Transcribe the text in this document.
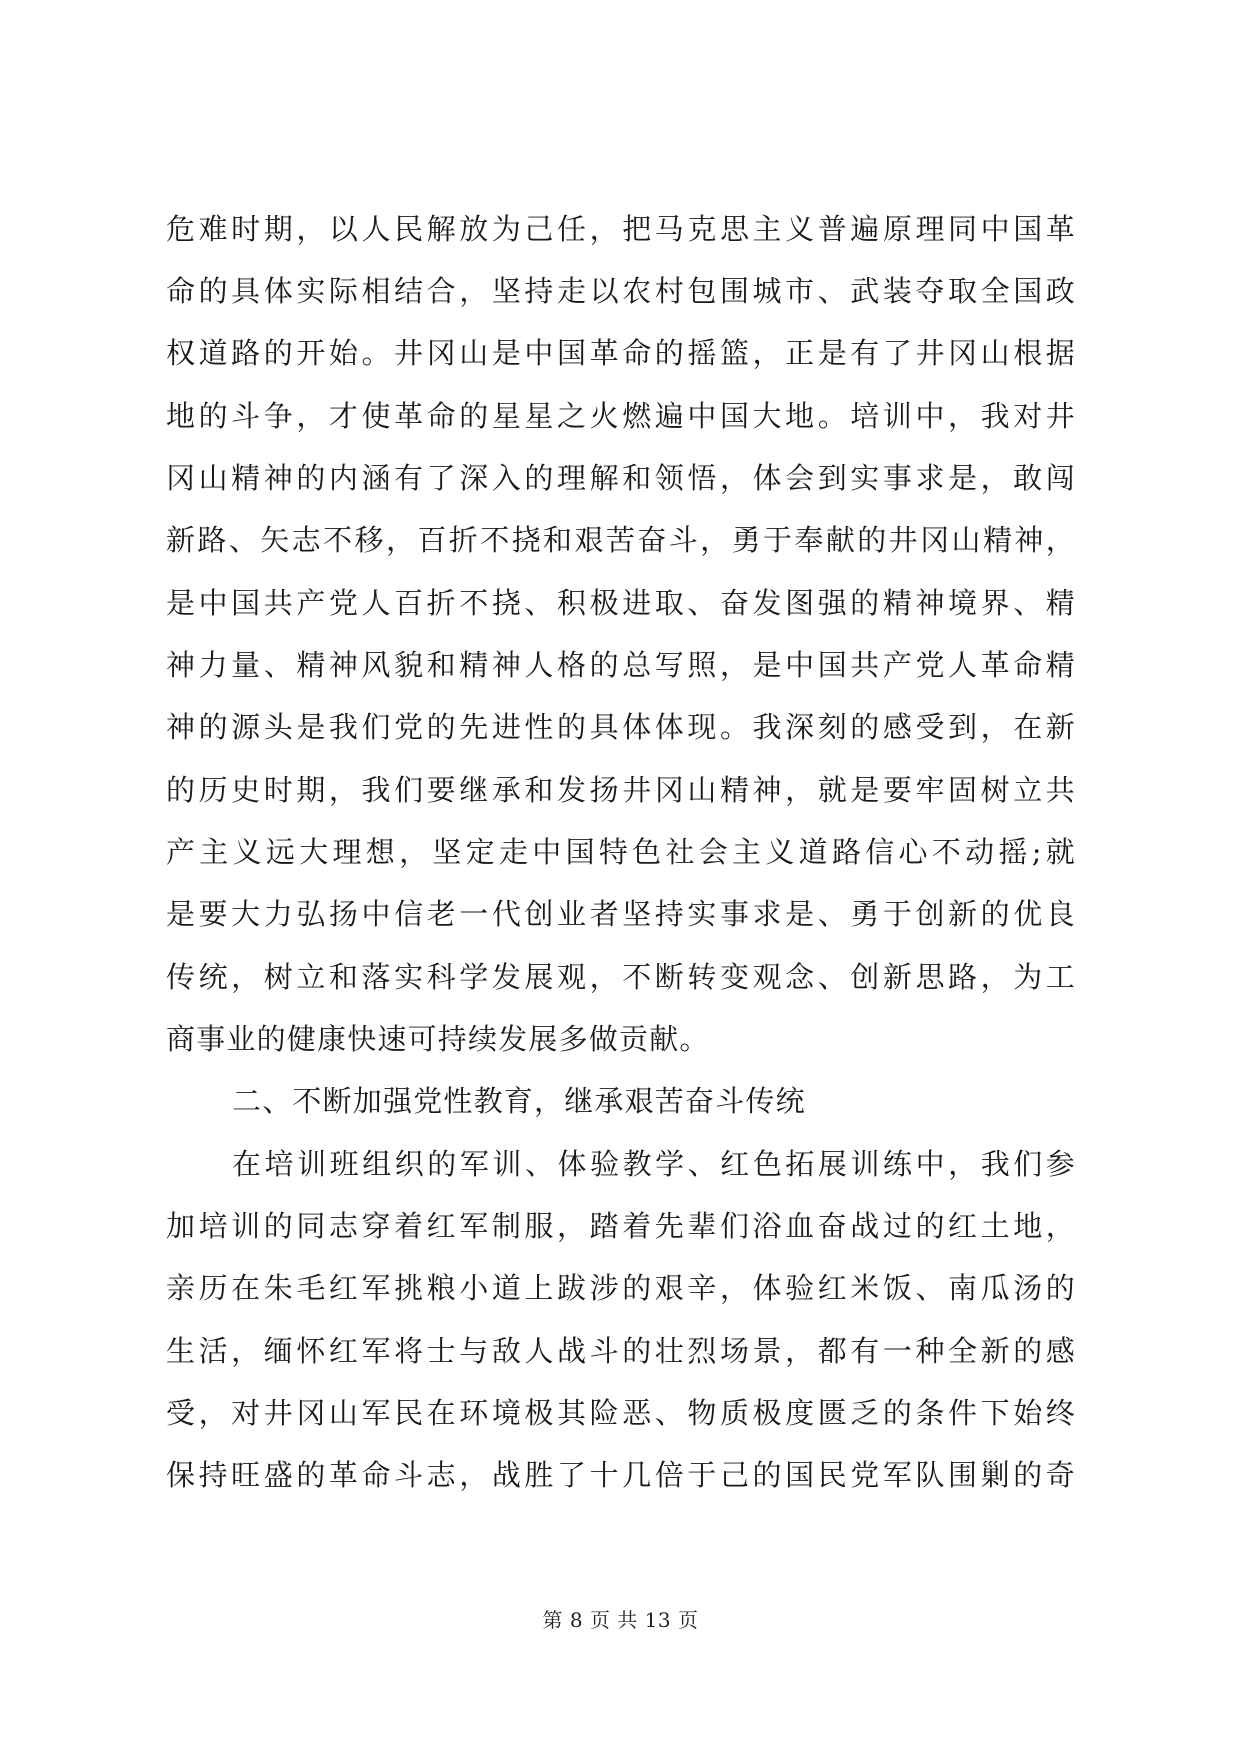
危难时期，以人民解放为己任，把马克思主义普遍原理同中国革
命的具体实际相结合，坚持走以农村包围城市、武装夺取全国政
权道路的开始。井冈山是中国革命的摇篮，正是有了井冈山根据
地的斗争，才使革命的星星之火燃遍中国大地。培训中，我对井
冈山精神的内涵有了深入的理解和领悟，体会到实事求是，敢闯
新路、矢志不移，百折不挠和艰苦奋斗，勇于奉献的井冈山精神，
是中国共产党人百折不挠、积极进取、奋发图强的精神境界、精
神力量、精神风貌和精神人格的总写照，是中国共产党人革命精
神的源头是我们党的先进性的具体体现。我深刻的感受到，在新
的历史时期，我们要继承和发扬井冈山精神，就是要牢固树立共
产主义远大理想，坚定走中国特色社会主义道路信心不动摇;就
是要大力弘扬中信老一代创业者坚持实事求是、勇于创新的优良
传统，树立和落实科学发展观，不断转变观念、创新思路，为工
商事业的健康快速可持续发展多做贡献。
二、不断加强党性教育，继承艰苦奋斗传统
在培训班组织的军训、体验教学、红色拓展训练中，我们参
加培训的同志穿着红军制服，踏着先辈们浴血奋战过的红土地，
亲历在朱毛红军挑粮小道上跋涉的艰辛，体验红米饭、南瓜汤的
生活，缅怀红军将士与敌人战斗的壮烈场景，都有一种全新的感
受，对井冈山军民在环境极其险恶、物质极度匮乏的条件下始终
保持旺盛的革命斗志，战胜了十几倍于己的国民党军队围剿的奇
第 8 页 共 13 页
